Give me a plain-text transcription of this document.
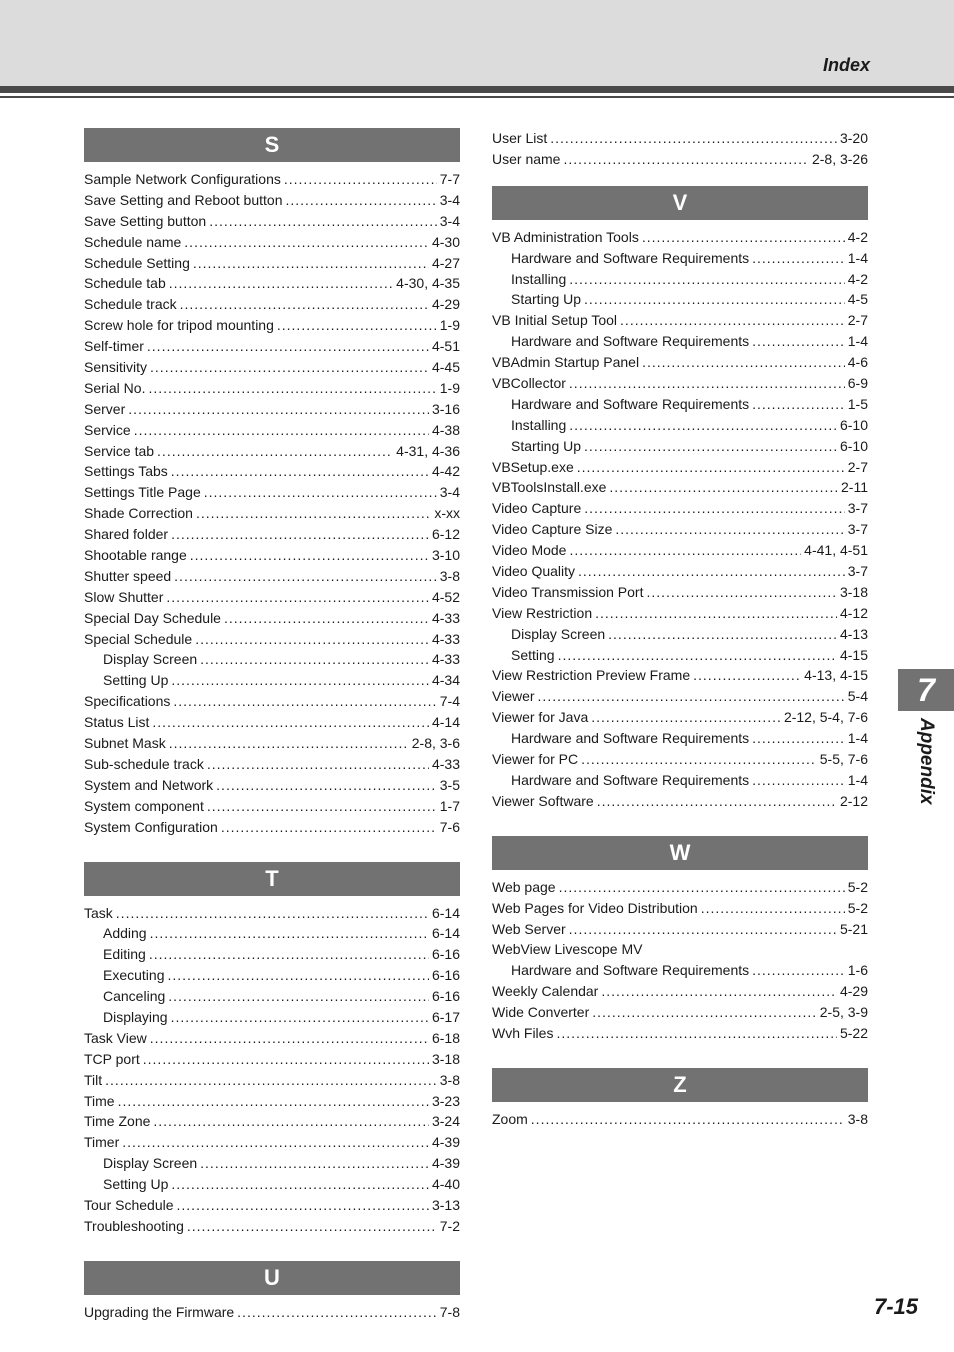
Index
S
Sample Network Configurations .....	7-7
Save Setting and Reboot button .....	3-4
Save Setting button .....	3-4
Schedule name .....	4-30
Schedule Setting .....	4-27
Schedule tab .....	4-30, 4-35
Schedule track .....	4-29
Screw hole for tripod mounting .....	1-9
Self-timer .....	4-51
Sensitivity .....	4-45
Serial No. .....	1-9
Server .....	3-16
Service .....	4-38
Service tab .....	4-31, 4-36
Settings Tabs .....	4-42
Settings Title Page .....	3-4
Shade Correction .....	x-xx
Shared folder .....	6-12
Shootable range .....	3-10
Shutter speed .....	3-8
Slow Shutter .....	4-52
Special Day Schedule .....	4-33
Special Schedule .....	4-33
Display Screen .....	4-33
Setting Up .....	4-34
Specifications .....	7-4
Status List .....	4-14
Subnet Mask .....	2-8, 3-6
Sub-schedule track .....	4-33
System and Network .....	3-5
System component .....	1-7
System Configuration .....	7-6
T
Task .....	6-14
Adding .....	6-14
Editing .....	6-16
Executing .....	6-16
Canceling .....	6-16
Displaying .....	6-17
Task View .....	6-18
TCP port .....	3-18
Tilt .....	3-8
Time .....	3-23
Time Zone .....	3-24
Timer .....	4-39
Display Screen .....	4-39
Setting Up .....	4-40
Tour Schedule .....	3-13
Troubleshooting .....	7-2
U
Upgrading the Firmware .....	7-8
User List .....	3-20
User name .....	2-8, 3-26
V
VB Administration Tools .....	4-2
Hardware and Software Requirements .....	1-4
Installing .....	4-2
Starting Up .....	4-5
VB Initial Setup Tool .....	2-7
Hardware and Software Requirements .....	1-4
VBAdmin Startup Panel .....	4-6
VBCollector .....	6-9
Hardware and Software Requirements .....	1-5
Installing .....	6-10
Starting Up .....	6-10
VBSetup.exe .....	2-7
VBToolsInstall.exe .....	2-11
Video Capture .....	3-7
Video Capture Size .....	3-7
Video Mode .....	4-41, 4-51
Video Quality .....	3-7
Video Transmission Port .....	3-18
View Restriction .....	4-12
Display Screen .....	4-13
Setting .....	4-15
View Restriction Preview Frame .....	4-13, 4-15
Viewer .....	5-4
Viewer for Java .....	2-12, 5-4, 7-6
Hardware and Software Requirements .....	1-4
Viewer for PC .....	5-5, 7-6
Hardware and Software Requirements .....	1-4
Viewer Software .....	2-12
W
Web page .....	5-2
Web Pages for Video Distribution .....	5-2
Web Server .....	5-21
WebView Livescope MV
Hardware and Software Requirements .....	1-6
Weekly Calendar .....	4-29
Wide Converter .....	2-5, 3-9
Wvh Files .....	5-22
Z
Zoom .....	3-8
7
Appendix
7-15
